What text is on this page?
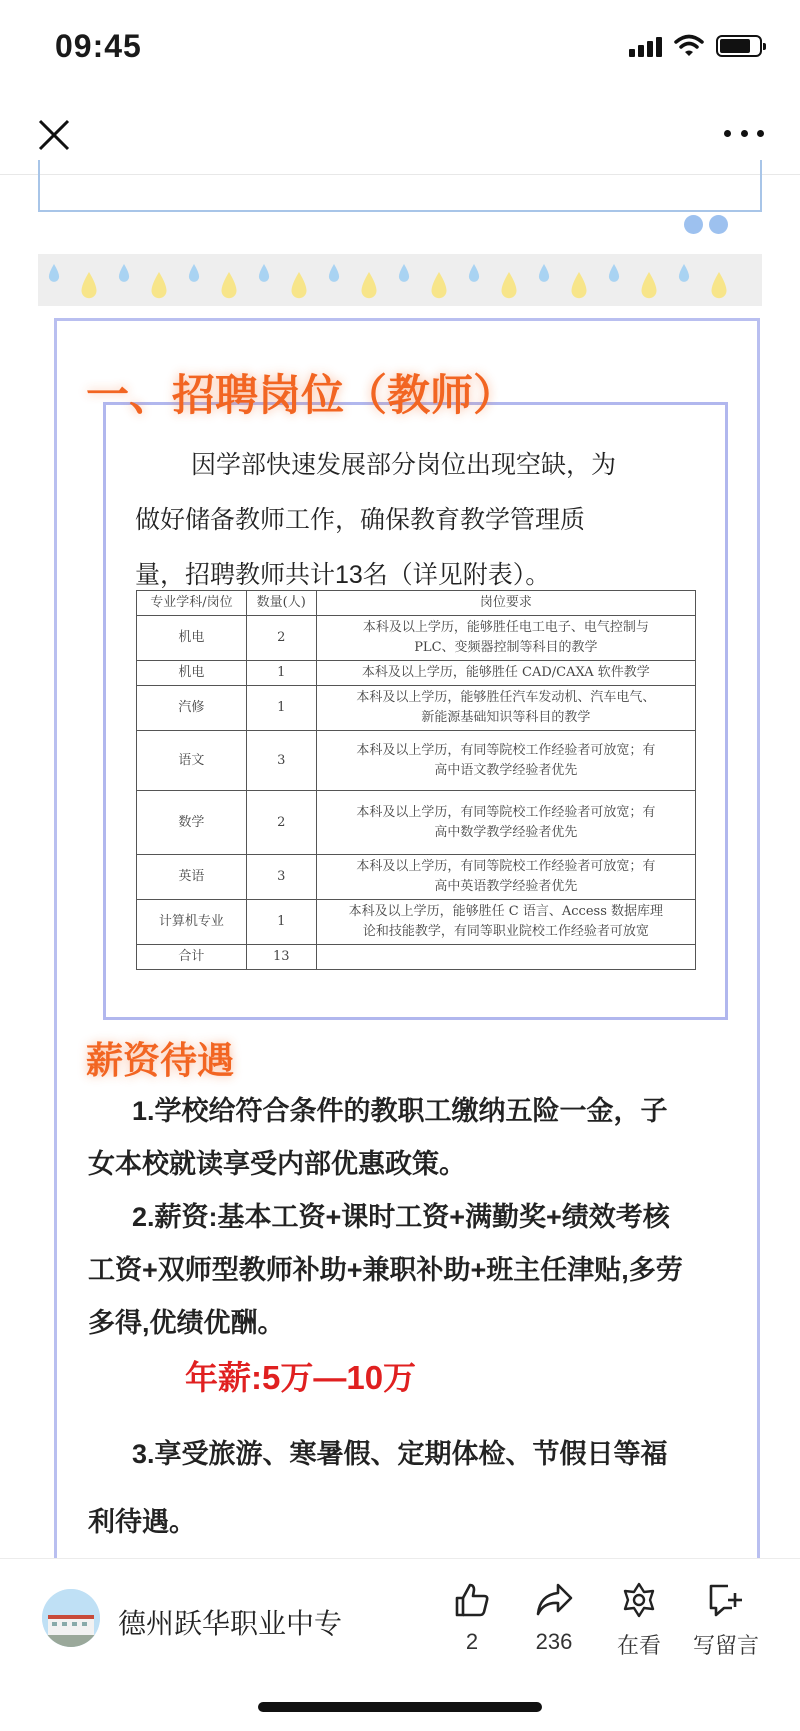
09:45
一、招聘岗位（教师）
因学部快速发展部分岗位出现空缺，为
做好储备教师工作，确保教育教学管理质
量，招聘教师共计13名（详见附表）。
专业学科/岗位	数量(人)	岗位要求
机电	2	本科及以上学历，能够胜任电工电子、电气控制与
PLC、变频器控制等科目的教学

机电	1	本科及以上学历，能够胜任 CAD/CAXA 软件教学
汽修	1	本科及以上学历，能够胜任汽车发动机、汽车电气、
新能源基础知识等科目的教学

语文	3	本科及以上学历，有同等院校工作经验者可放宽；有
高中语文教学经验者优先

数学	2	本科及以上学历，有同等院校工作经验者可放宽；有
高中数学教学经验者优先

英语	3	本科及以上学历，有同等院校工作经验者可放宽；有
高中英语教学经验者优先

计算机专业	1	本科及以上学历，能够胜任 C 语言、Access 数据库理
论和技能教学，有同等职业院校工作经验者可放宽

合计	13	
薪资待遇
1.学校给符合条件的教职工缴纳五险一金，子
女本校就读享受内部优惠政策。
2.薪资:基本工资+课时工资+满勤奖+绩效考核
工资+双师型教师补助+兼职补助+班主任津贴,多劳
多得,优绩优酬。
年薪:5万—10万
3.享受旅游、寒暑假、定期体检、节假日等福
利待遇。
德州跃华职业中专
2	236	在看	写留言
